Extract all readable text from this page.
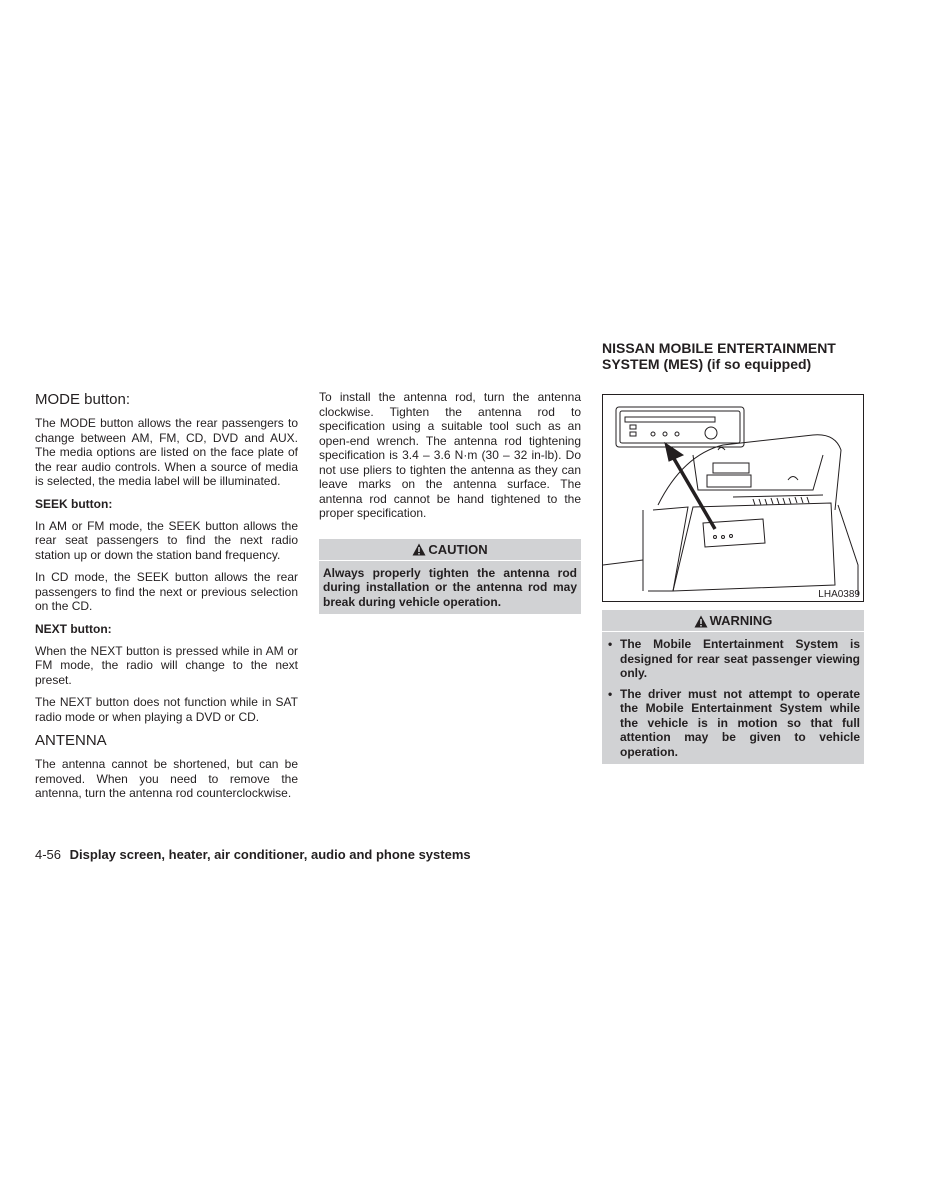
MODE button:

The MODE button allows the rear passengers to change between AM, FM, CD, DVD and AUX. The media options are listed on the face plate of the rear audio controls. When a source of media is selected, the media label will be illuminated.

SEEK button:

In AM or FM mode, the SEEK button allows the rear seat passengers to find the next radio station up or down the station band frequency.

In CD mode, the SEEK button allows the rear passengers to find the next or previous selection on the CD.

NEXT button:

When the NEXT button is pressed while in AM or FM mode, the radio will change to the next preset.

The NEXT button does not function while in SAT radio mode or when playing a DVD or CD.

ANTENNA

The antenna cannot be shortened, but can be removed. When you need to remove the antenna, turn the antenna rod counterclockwise.

To install the antenna rod, turn the antenna clockwise. Tighten the antenna rod to specification using a suitable tool such as an open-end wrench. The antenna rod tightening specification is 3.4 – 3.6 N·m (30 – 32 in-lb). Do not use pliers to tighten the antenna as they can leave marks on the antenna surface. The antenna rod cannot be hand tightened to the proper specification.

CAUTION
Always properly tighten the antenna rod during installation or the antenna rod may break during vehicle operation.
NISSAN MOBILE ENTERTAINMENT
SYSTEM (MES) (if so equipped)
LHA0389
WARNING
• The Mobile Entertainment System is designed for rear seat passenger viewing only.
• The driver must not attempt to operate the Mobile Entertainment System while the vehicle is in motion so that full attention may be given to vehicle operation.
4-56 Display screen, heater, air conditioner, audio and phone systems
